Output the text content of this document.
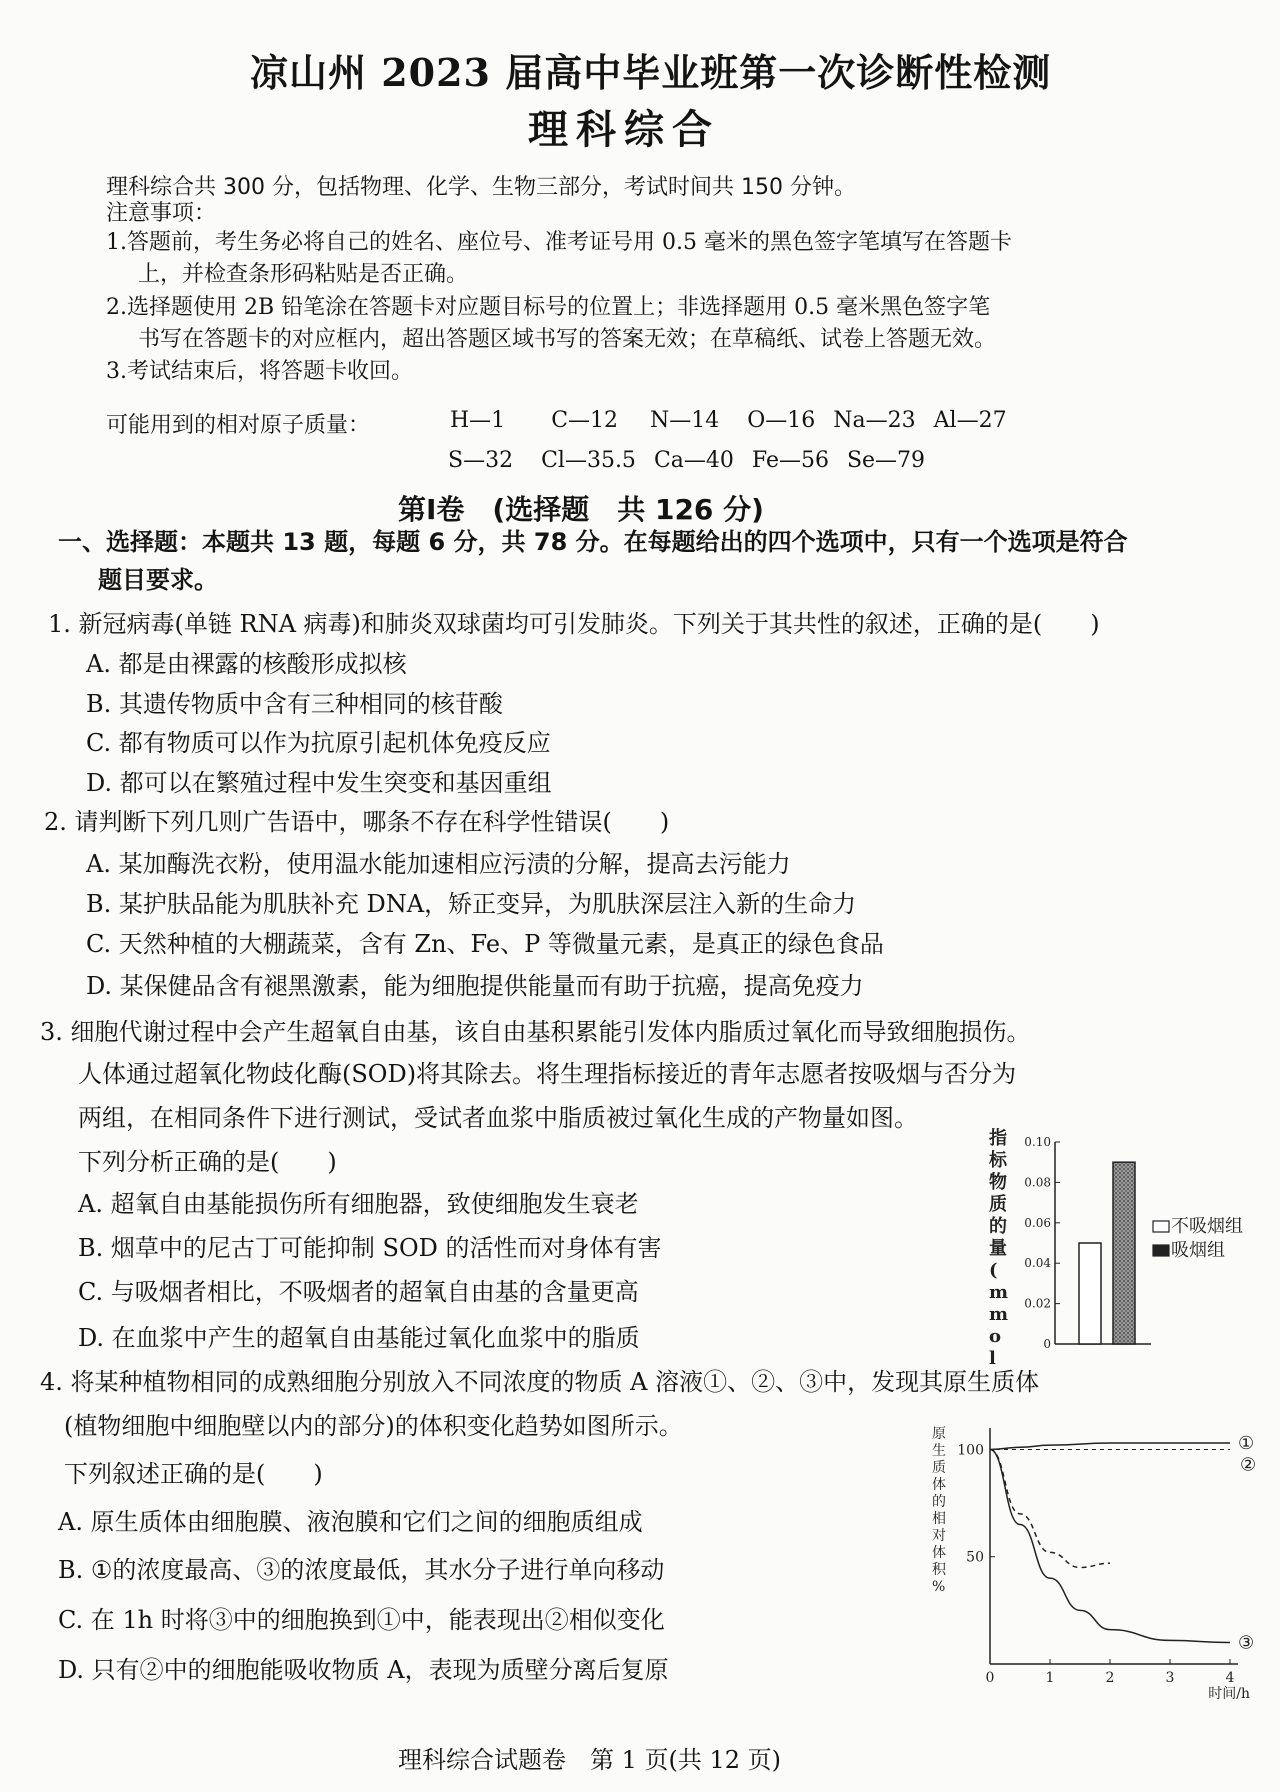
凉山州 2023 届高中毕业班第一次诊断性检测
理科综合
理科综合共 300 分，包括物理、化学、生物三部分，考试时间共 150 分钟。
注意事项：
1.答题前，考生务必将自己的姓名、座位号、准考证号用 0.5 毫米的黑色签字笔填写在答题卡
上，并检查条形码粘贴是否正确。
2.选择题使用 2B 铅笔涂在答题卡对应题目标号的位置上；非选择题用 0.5 毫米黑色签字笔
书写在答题卡的对应框内，超出答题区域书写的答案无效；在草稿纸、试卷上答题无效。
3.考试结束后，将答题卡收回。
可能用到的相对原子质量：	H—1	C—12	N—14	O—16	Na—23	Al—27
S—32	Cl—35.5	Ca—40	Fe—56	Se—79
第Ⅰ卷　(选择题　共 126 分)
一、选择题：本题共 13 题，每题 6 分，共 78 分。在每题给出的四个选项中，只有一个选项是符合
题目要求。
1. 新冠病毒(单链 RNA 病毒)和肺炎双球菌均可引发肺炎。下列关于其共性的叙述，正确的是(　　)
A. 都是由裸露的核酸形成拟核
B. 其遗传物质中含有三种相同的核苷酸
C. 都有物质可以作为抗原引起机体免疫反应
D. 都可以在繁殖过程中发生突变和基因重组
2. 请判断下列几则广告语中，哪条不存在科学性错误(　　)
A. 某加酶洗衣粉，使用温水能加速相应污渍的分解，提高去污能力
B. 某护肤品能为肌肤补充 DNA，矫正变异，为肌肤深层注入新的生命力
C. 天然种植的大棚蔬菜，含有 Zn、Fe、P 等微量元素，是真正的绿色食品
D. 某保健品含有褪黑激素，能为细胞提供能量而有助于抗癌，提高免疫力
3. 细胞代谢过程中会产生超氧自由基，该自由基积累能引发体内脂质过氧化而导致细胞损伤。
人体通过超氧化物歧化酶(SOD)将其除去。将生理指标接近的青年志愿者按吸烟与否分为
两组，在相同条件下进行测试，受试者血浆中脂质被过氧化生成的产物量如图。
下列分析正确的是(　　)
A. 超氧自由基能损伤所有细胞器，致使细胞发生衰老
B. 烟草中的尼古丁可能抑制 SOD 的活性而对身体有害
C. 与吸烟者相比，不吸烟者的超氧自由基的含量更高
D. 在血浆中产生的超氧自由基能过氧化血浆中的脂质
4. 将某种植物相同的成熟细胞分别放入不同浓度的物质 A 溶液①、②、③中，发现其原生质体
(植物细胞中细胞壁以内的部分)的体积变化趋势如图所示。
下列叙述正确的是(　　)
A. 原生质体由细胞膜、液泡膜和它们之间的细胞质组成
B. ①的浓度最高、③的浓度最低，其水分子进行单向移动
C. 在 1h 时将③中的细胞换到①中，能表现出②相似变化
D. 只有②中的细胞能吸收物质 A，表现为质壁分离后复原
指
标
物
质
的
量
(
m
m
o
l
0
0.02
0.04
0.06
0.08
0.10
不吸烟组
吸烟组
原
生
质
体
的
相
对
体
积
%
0	1	2	3	4
50
100	①
②
③
时间/h
理科综合试题卷　第 1 页(共 12 页)
